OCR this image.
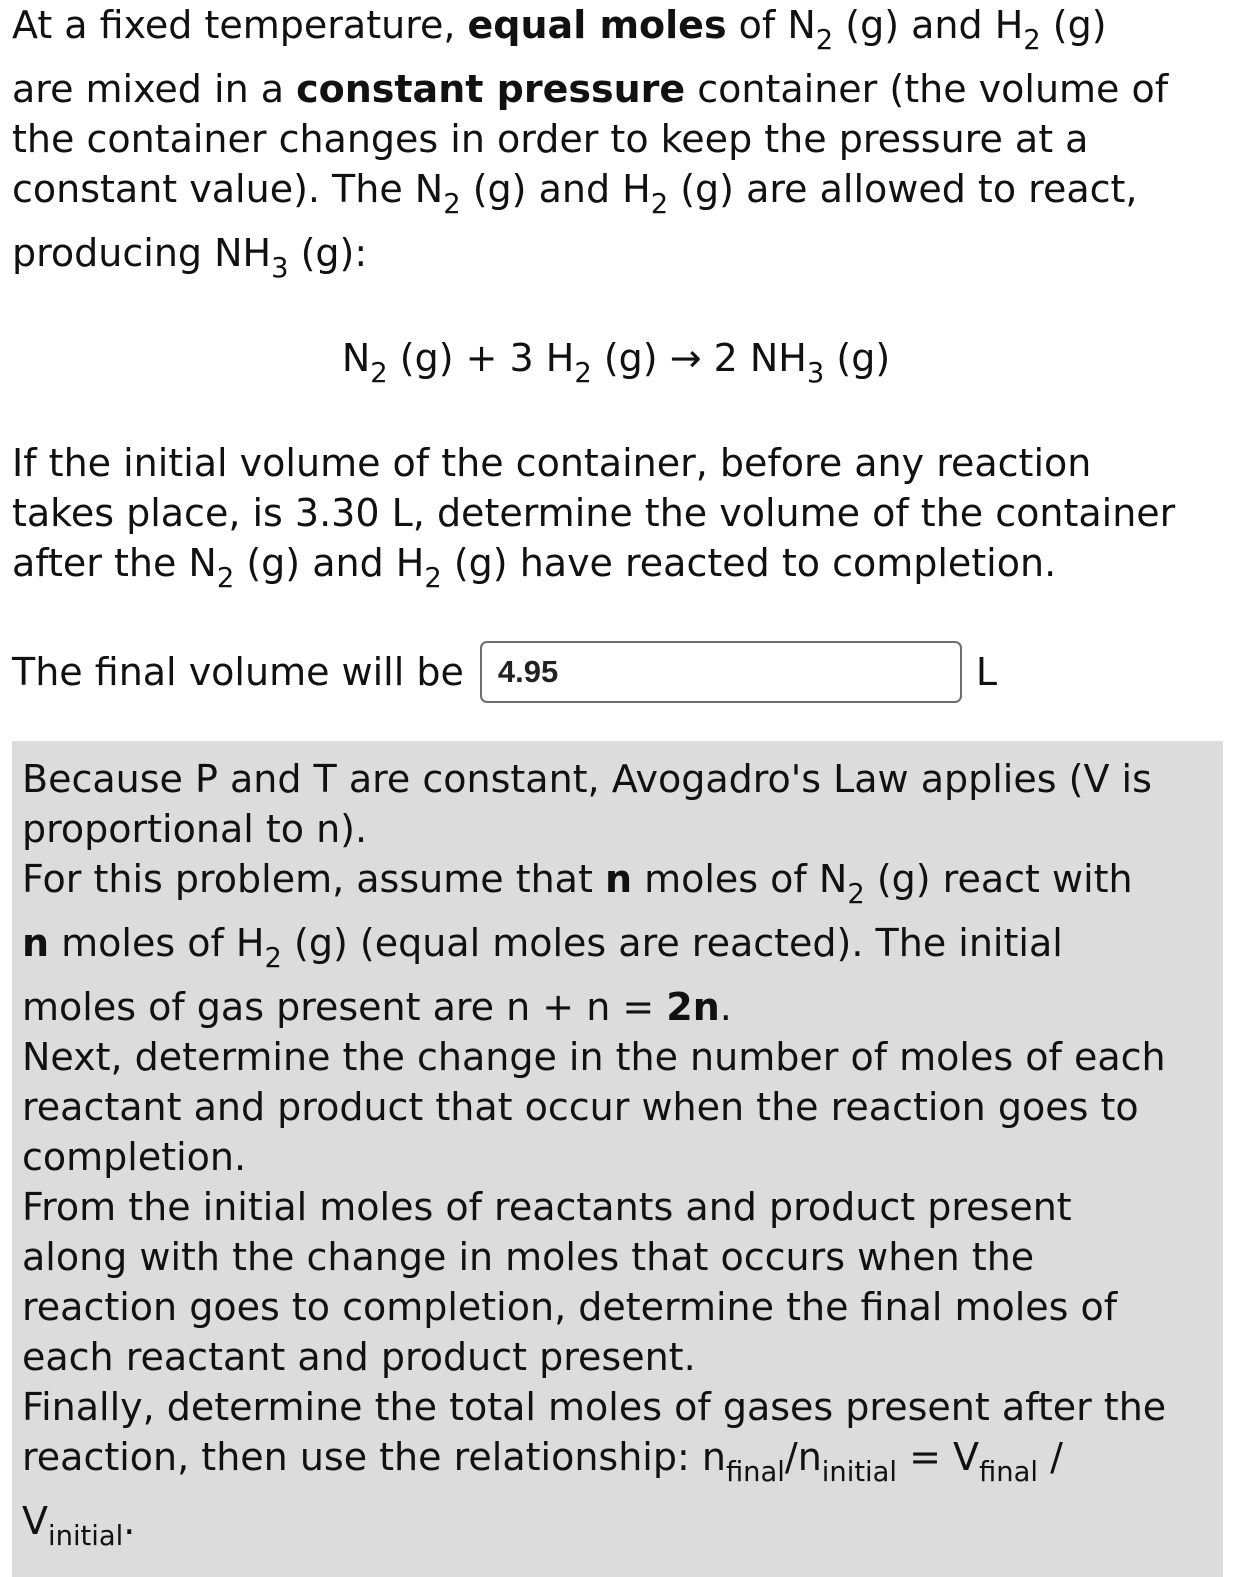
At a fixed temperature, equal moles of $N_2$ (g) and $H_2$ (g)

are mixed in a constant pressure container (the volume of

the container changes in order to keep the pressure at a

constant value). The $N_2$ (g) and $H_2$ (g) are allowed to react,

producing $NH_3$ (g):

$N_2$ (g) + 3 $H_2$ (g) → 2 $NH_3$ (g)

If the initial volume of the container, before any reaction

takes place, is 3.30 L, determine the volume of the container

after the $N_2$ (g) and $H_2$ (g) have reacted to completion.

The final volume will be
4.95	L

Because P and T are constant, Avogadro's Law applies (V is

proportional to n).

For this problem, assume that n moles of $N_2$ (g) react with

n moles of $H_2$ (g) (equal moles are reacted). The initial

moles of gas present are n + n = 2n.

Next, determine the change in the number of moles of each

reactant and product that occur when the reaction goes to

completion.

From the initial moles of reactants and product present

along with the change in moles that occurs when the

reaction goes to completion, determine the final moles of

each reactant and product present.

Finally, determine the total moles of gases present after the

reaction, then use the relationship: $n_{final}/n_{initial} = V_{final}$ /

$V_{initial}$.
